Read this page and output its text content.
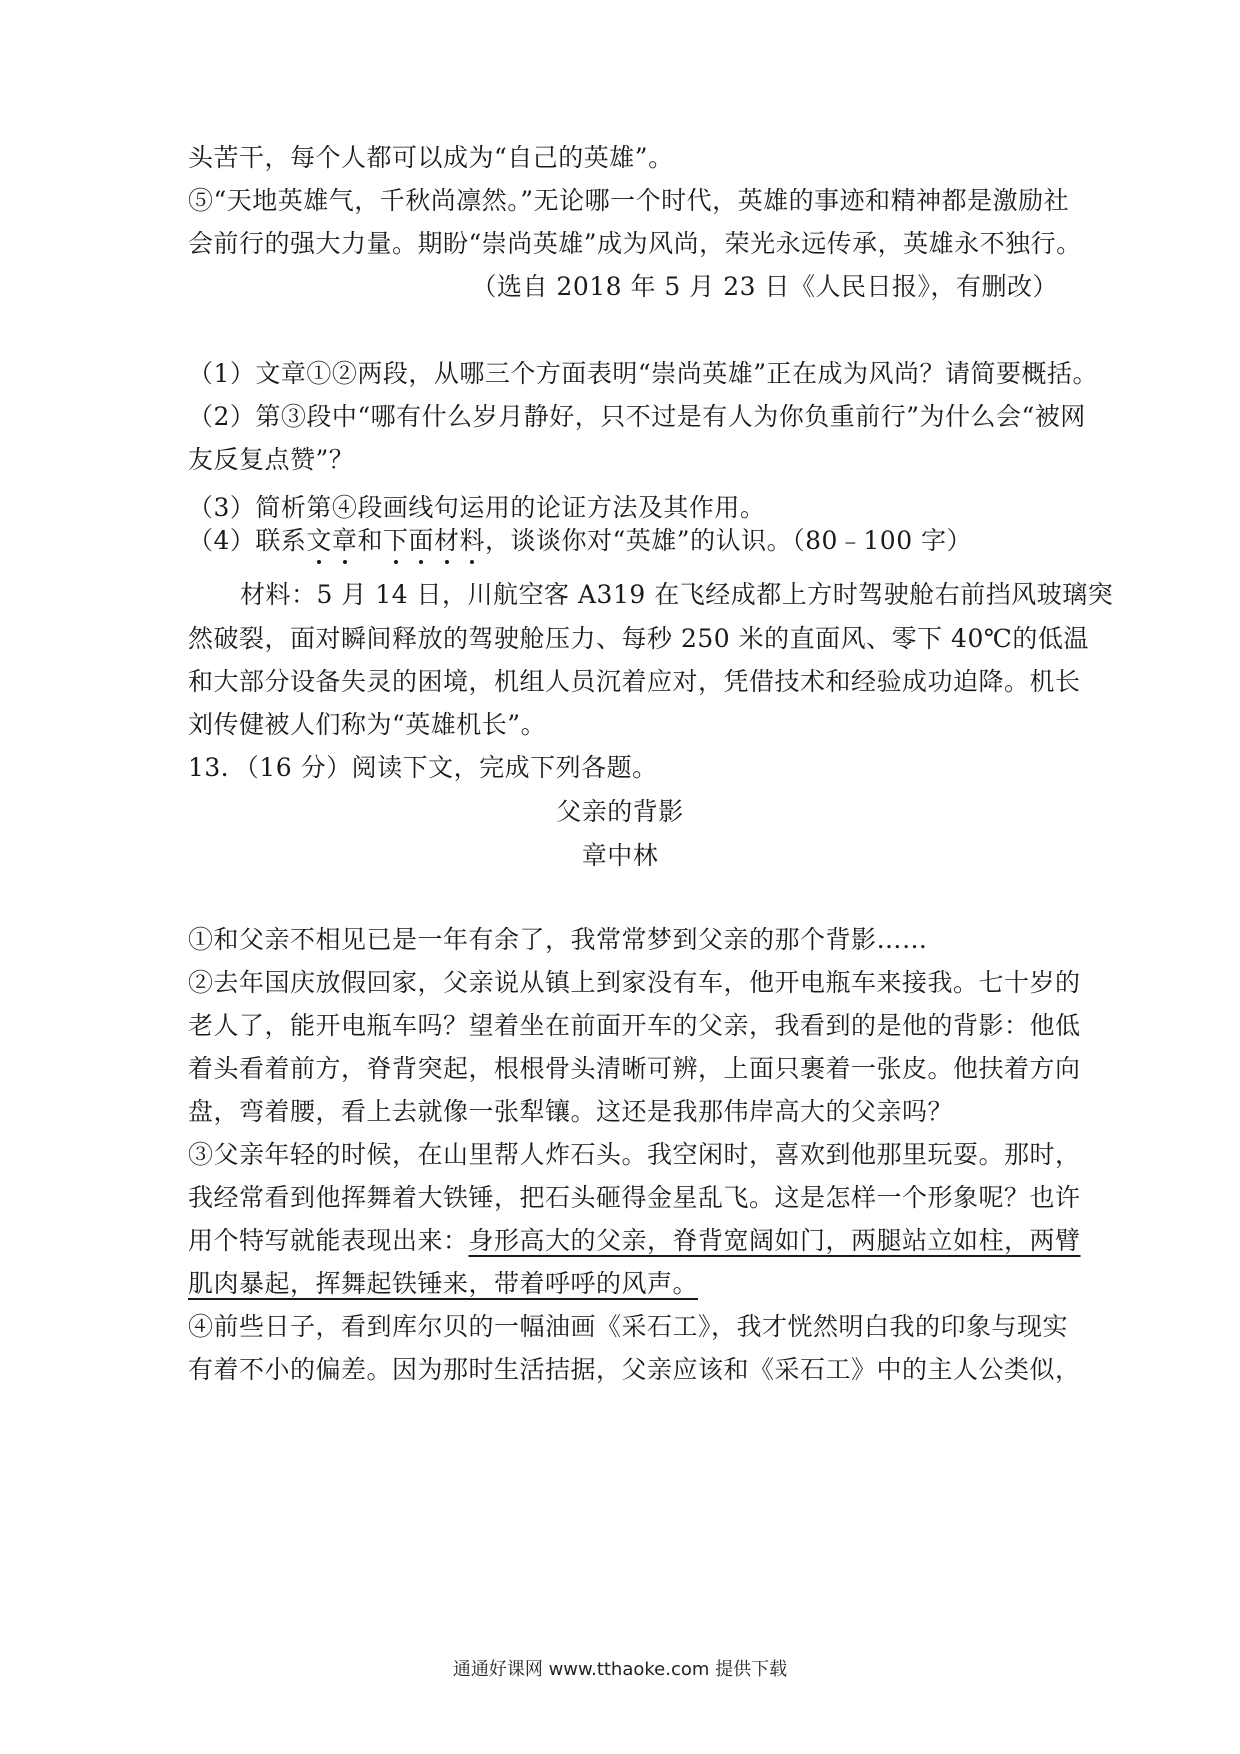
头苦干，每个人都可以成为“自己的英雄”。
⑤“天地英雄气，千秋尚凛然。”无论哪一个时代，英雄的事迹和精神都是激励社
会前行的强大力量。期盼“崇尚英雄”成为风尚，荣光永远传承，英雄永不独行。
（选自 2018 年 5 月 23 日《人民日报》，有删改）
（1）文章①②两段，从哪三个方面表明“崇尚英雄”正在成为风尚？请简要概括。
（2）第③段中“哪有什么岁月静好，只不过是有人为你负重前行”为什么会“被网
友反复点赞”？
（3）简析第④段画线句运用的论证方法及其作用。
（4）联系文章和下面材料，谈谈你对“英雄”的认识。（80﹣100 字）
材料：5 月 14 日，川航空客 A319 在飞经成都上方时驾驶舱右前挡风玻璃突
然破裂，面对瞬间释放的驾驶舱压力、每秒 250 米的直面风、零下 40℃的低温
和大部分设备失灵的困境，机组人员沉着应对，凭借技术和经验成功迫降。机长
刘传健被人们称为“英雄机长”。
13．（16 分）阅读下文，完成下列各题。
父亲的背影
章中林
①和父亲不相见已是一年有余了，我常常梦到父亲的那个背影……
②去年国庆放假回家，父亲说从镇上到家没有车，他开电瓶车来接我。七十岁的
老人了，能开电瓶车吗？望着坐在前面开车的父亲，我看到的是他的背影：他低
着头看着前方，脊背突起，根根骨头清晰可辨，上面只裹着一张皮。他扶着方向
盘，弯着腰，看上去就像一张犁镶。这还是我那伟岸高大的父亲吗？
③父亲年轻的时候，在山里帮人炸石头。我空闲时，喜欢到他那里玩耍。那时，
我经常看到他挥舞着大铁锤，把石头砸得金星乱飞。这是怎样一个形象呢？也许
用个特写就能表现出来：身形高大的父亲，脊背宽阔如门，两腿站立如柱，两臂
肌肉暴起，挥舞起铁锤来，带着呼呼的风声。
④前些日子，看到库尔贝的一幅油画《采石工》，我才恍然明白我的印象与现实
有着不小的偏差。因为那时生活拮据，父亲应该和《采石工》中的主人公类似，
通通好课网 www.tthaoke.com 提供下载
